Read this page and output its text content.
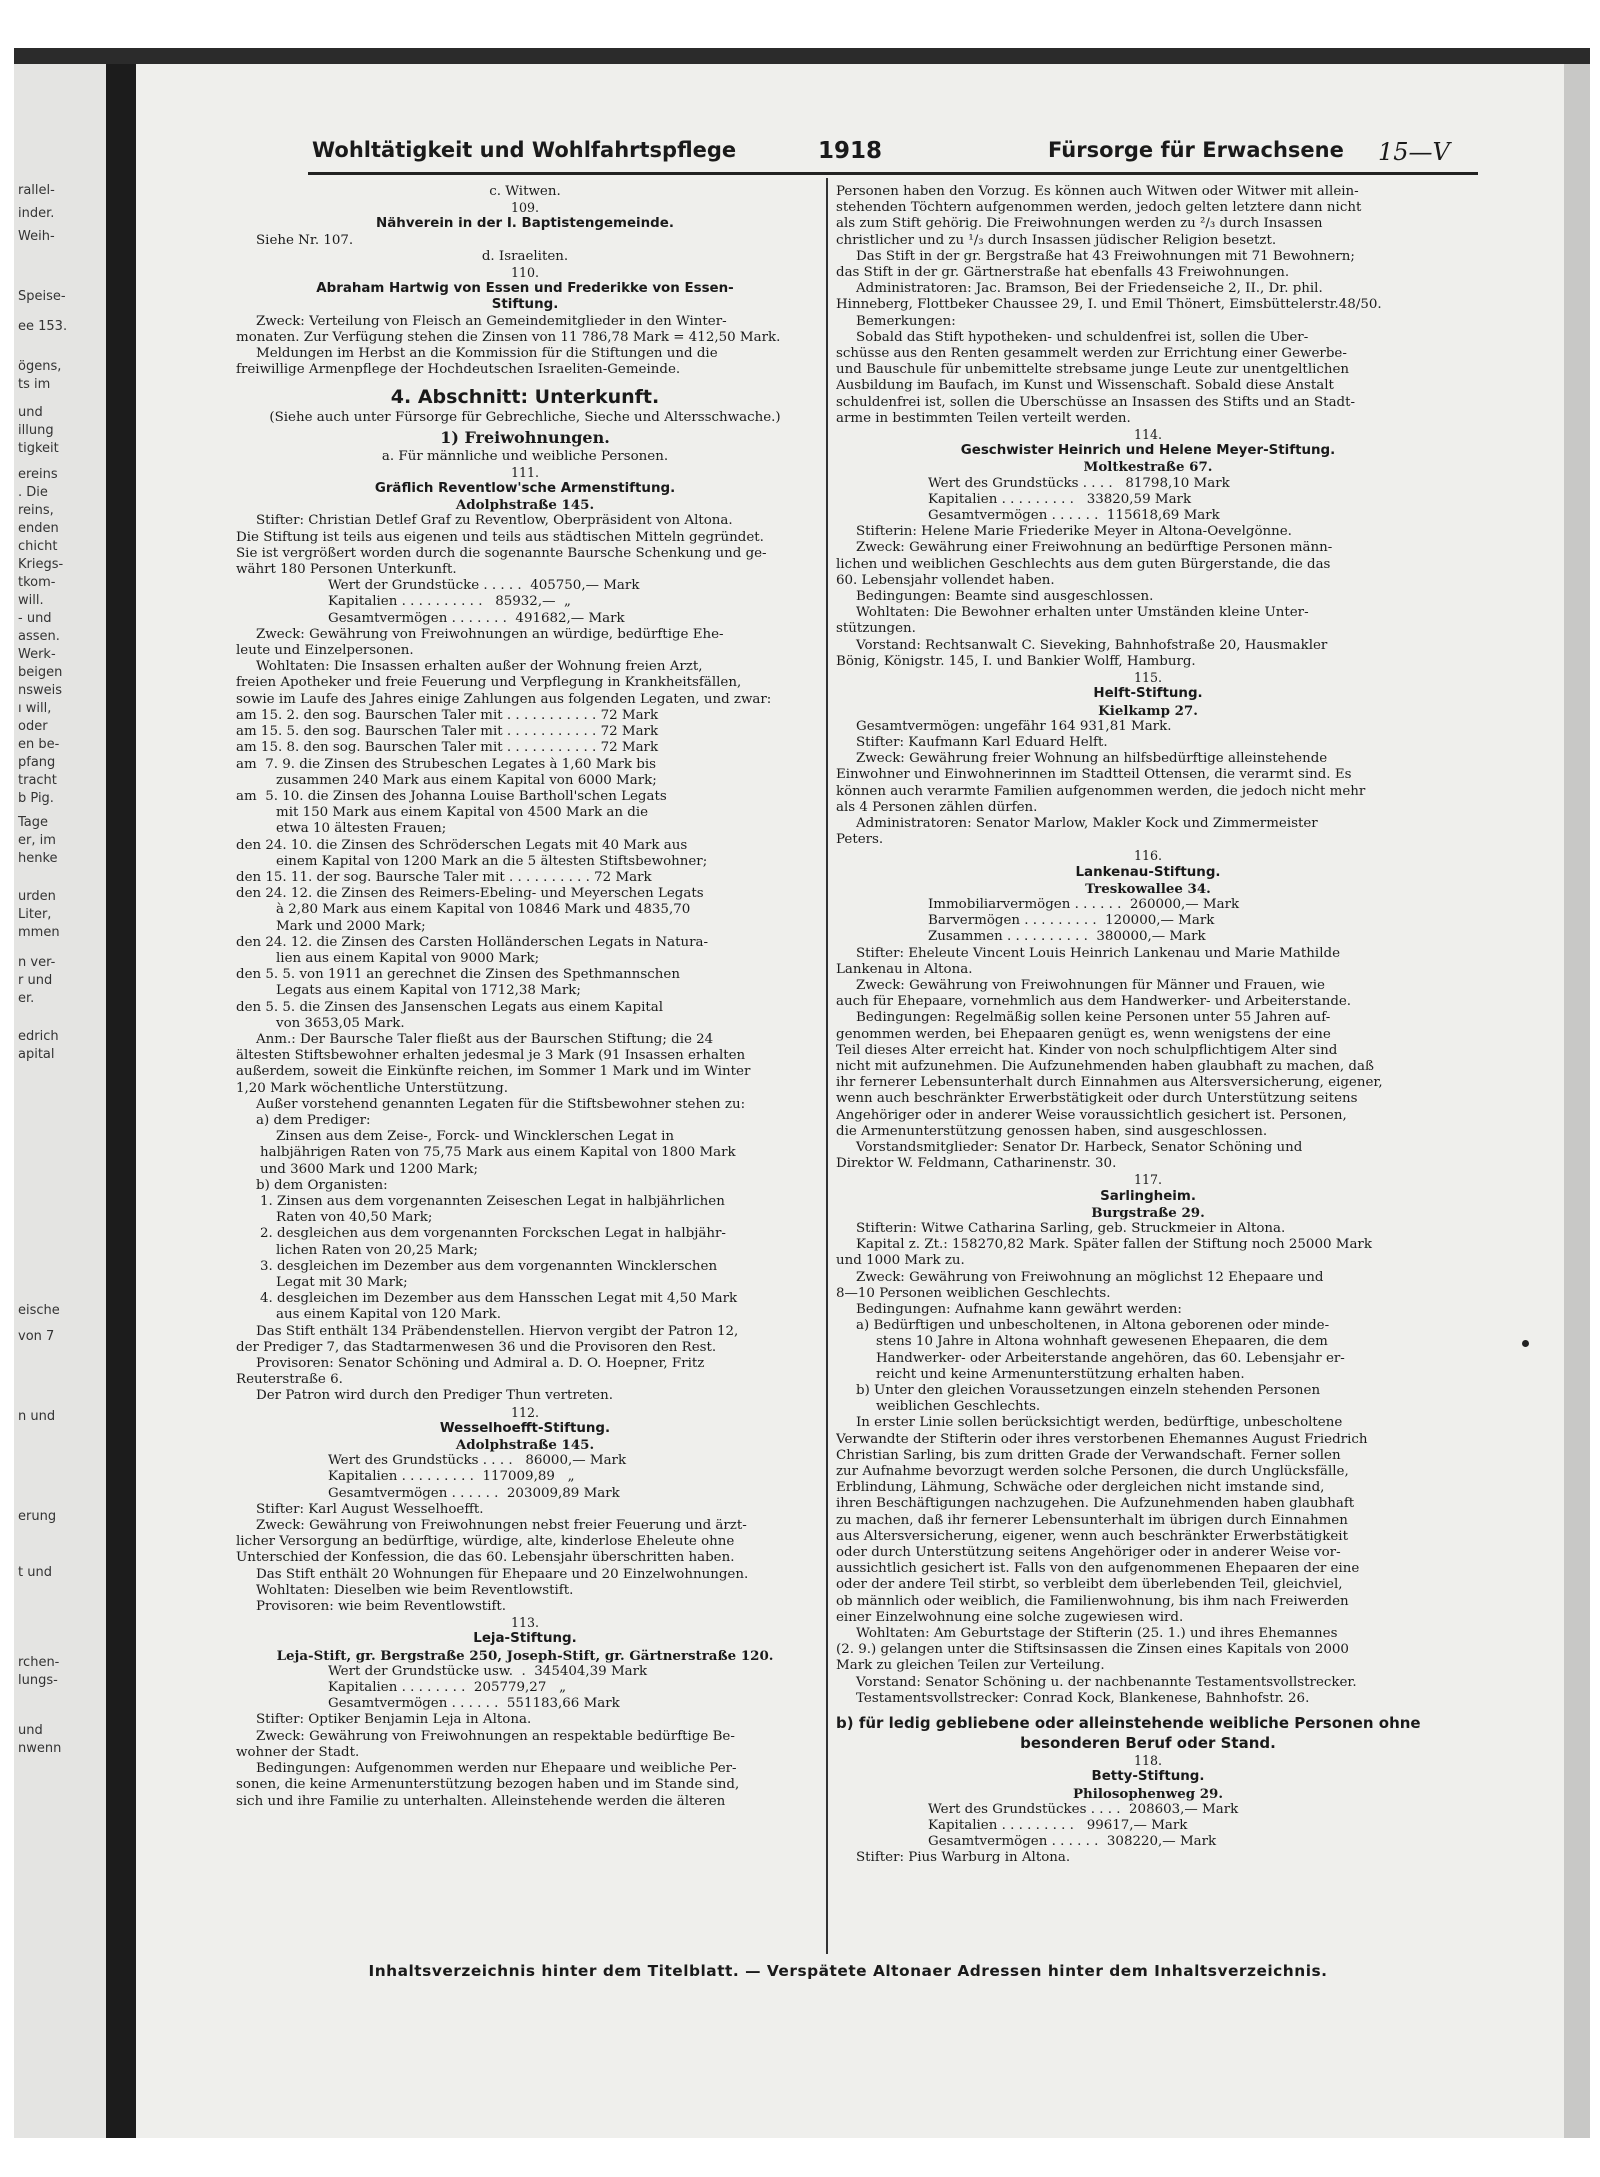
rallel-
inder.
Weih-
Speise-
ee 153.
ögens,
ts im
und
illung
tigkeit
ereins
. Die
reins,
enden
chicht
Kriegs-
tkom-
will.
- und
assen.
Werk-
beigen
nsweis
ı will,
oder
en be-
pfang
tracht
b Pig.
Tage
er, im
henke
urden
Liter,
mmen
n ver-
r und
er.
edrich
apital
eische
von 7
n und
erung
t und
rchen-
lungs-
und
nwenn
Wohltätigkeit und Wohlfahrtspflege	1918	Fürsorge für Erwachsene 15—V
c. Witwen.
109.
Nähverein in der I. Baptistengemeinde.
Siehe Nr. 107.
d. Israeliten.
110.
Abraham Hartwig von Essen und Frederikke von Essen-
Stiftung.
Zweck: Verteilung von Fleisch an Gemeindemitglieder in den Winter-
monaten. Zur Verfügung stehen die Zinsen von 11 786,78 Mark = 412,50 Mark.
Meldungen im Herbst an die Kommission für die Stiftungen und die
freiwillige Armenpflege der Hochdeutschen Israeliten-Gemeinde.
4. Abschnitt: Unterkunft.
(Siehe auch unter Fürsorge für Gebrechliche, Sieche und Altersschwache.)
1) Freiwohnungen.
a. Für männliche und weibliche Personen.
111.
Gräflich Reventlow'sche Armenstiftung.
Adolphstraße 145.
Stifter: Christian Detlef Graf zu Reventlow, Oberpräsident von Altona.
Die Stiftung ist teils aus eigenen und teils aus städtischen Mitteln gegründet.
Sie ist vergrößert worden durch die sogenannte Baursche Schenkung und ge-
währt 180 Personen Unterkunft.
Wert der Grundstücke . . . . .  405750,— Mark
Kapitalien . . . . . . . . . .   85932,—  „
Gesamtvermögen . . . . . . .  491682,— Mark
Zweck: Gewährung von Freiwohnungen an würdige, bedürftige Ehe-
leute und Einzelpersonen.
Wohltaten: Die Insassen erhalten außer der Wohnung freien Arzt,
freien Apotheker und freie Feuerung und Verpflegung in Krankheitsfällen,
sowie im Laufe des Jahres einige Zahlungen aus folgenden Legaten, und zwar:
am 15. 2. den sog. Baurschen Taler mit . . . . . . . . . . . 72 Mark
am 15. 5. den sog. Baurschen Taler mit . . . . . . . . . . . 72 Mark
am 15. 8. den sog. Baurschen Taler mit . . . . . . . . . . . 72 Mark
am  7. 9. die Zinsen des Strubeschen Legates à 1,60 Mark bis
zusammen 240 Mark aus einem Kapital von 6000 Mark;
am  5. 10. die Zinsen des Johanna Louise Bartholl'schen Legats
mit 150 Mark aus einem Kapital von 4500 Mark an die
etwa 10 ältesten Frauen;
den 24. 10. die Zinsen des Schröderschen Legats mit 40 Mark aus
einem Kapital von 1200 Mark an die 5 ältesten Stiftsbewohner;
den 15. 11. der sog. Baursche Taler mit . . . . . . . . . . 72 Mark
den 24. 12. die Zinsen des Reimers-Ebeling- und Meyerschen Legats
à 2,80 Mark aus einem Kapital von 10846 Mark und 4835,70
Mark und 2000 Mark;
den 24. 12. die Zinsen des Carsten Holländerschen Legats in Natura-
lien aus einem Kapital von 9000 Mark;
den 5. 5. von 1911 an gerechnet die Zinsen des Spethmannschen
Legats aus einem Kapital von 1712,38 Mark;
den 5. 5. die Zinsen des Jansenschen Legats aus einem Kapital
von 3653,05 Mark.
Anm.: Der Baursche Taler fließt aus der Baurschen Stiftung; die 24
ältesten Stiftsbewohner erhalten jedesmal je 3 Mark (91 Insassen erhalten
außerdem, soweit die Einkünfte reichen, im Sommer 1 Mark und im Winter
1,20 Mark wöchentliche Unterstützung.
Außer vorstehend genannten Legaten für die Stiftsbewohner stehen zu:
a) dem Prediger:
Zinsen aus dem Zeise-, Forck- und Wincklerschen Legat in
halbjährigen Raten von 75,75 Mark aus einem Kapital von 1800 Mark
und 3600 Mark und 1200 Mark;
b) dem Organisten:
1. Zinsen aus dem vorgenannten Zeiseschen Legat in halbjährlichen
Raten von 40,50 Mark;
2. desgleichen aus dem vorgenannten Forckschen Legat in halbjähr-
lichen Raten von 20,25 Mark;
3. desgleichen im Dezember aus dem vorgenannten Wincklerschen
Legat mit 30 Mark;
4. desgleichen im Dezember aus dem Hansschen Legat mit 4,50 Mark
aus einem Kapital von 120 Mark.
Das Stift enthält 134 Präbendenstellen. Hiervon vergibt der Patron 12,
der Prediger 7, das Stadtarmenwesen 36 und die Provisoren den Rest.
Provisoren: Senator Schöning und Admiral a. D. O. Hoepner, Fritz
Reuterstraße 6.
Der Patron wird durch den Prediger Thun vertreten.
112.
Wesselhoefft-Stiftung.
Adolphstraße 145.
Wert des Grundstücks . . . .   86000,— Mark
Kapitalien . . . . . . . . .  117009,89   „
Gesamtvermögen . . . . . .  203009,89 Mark
Stifter: Karl August Wesselhoefft.
Zweck: Gewährung von Freiwohnungen nebst freier Feuerung und ärzt-
licher Versorgung an bedürftige, würdige, alte, kinderlose Eheleute ohne
Unterschied der Konfession, die das 60. Lebensjahr überschritten haben.
Das Stift enthält 20 Wohnungen für Ehepaare und 20 Einzelwohnungen.
Wohltaten: Dieselben wie beim Reventlowstift.
Provisoren: wie beim Reventlowstift.
113.
Leja-Stiftung.
Leja-Stift, gr. Bergstraße 250, Joseph-Stift, gr. Gärtnerstraße 120.
Wert der Grundstücke usw.  .  345404,39 Mark
Kapitalien . . . . . . . .  205779,27   „
Gesamtvermögen . . . . . .  551183,66 Mark
Stifter: Optiker Benjamin Leja in Altona.
Zweck: Gewährung von Freiwohnungen an respektable bedürftige Be-
wohner der Stadt.
Bedingungen: Aufgenommen werden nur Ehepaare und weibliche Per-
sonen, die keine Armenunterstützung bezogen haben und im Stande sind,
sich und ihre Familie zu unterhalten. Alleinstehende werden die älteren
Personen haben den Vorzug. Es können auch Witwen oder Witwer mit allein-
stehenden Töchtern aufgenommen werden, jedoch gelten letztere dann nicht
als zum Stift gehörig. Die Freiwohnungen werden zu ²/₃ durch Insassen
christlicher und zu ¹/₃ durch Insassen jüdischer Religion besetzt.
Das Stift in der gr. Bergstraße hat 43 Freiwohnungen mit 71 Bewohnern;
das Stift in der gr. Gärtnerstraße hat ebenfalls 43 Freiwohnungen.
Administratoren: Jac. Bramson, Bei der Friedenseiche 2, II., Dr. phil.
Hinneberg, Flottbeker Chaussee 29, I. und Emil Thönert, Eimsbüttelerstr.48/50.
Bemerkungen:
Sobald das Stift hypotheken- und schuldenfrei ist, sollen die Über-
schüsse aus den Renten gesammelt werden zur Errichtung einer Gewerbe-
und Bauschule für unbemittelte strebsame junge Leute zur unentgeltlichen
Ausbildung im Baufach, im Kunst und Wissenschaft. Sobald diese Anstalt
schuldenfrei ist, sollen die Überschüsse an Insassen des Stifts und an Stadt-
arme in bestimmten Teilen verteilt werden.
114.
Geschwister Heinrich und Helene Meyer-Stiftung.
Moltkestraße 67.
Wert des Grundstücks . . . .   81798,10 Mark
Kapitalien . . . . . . . . .   33820,59 Mark
Gesamtvermögen . . . . . .  115618,69 Mark
Stifterin: Helene Marie Friederike Meyer in Altona-Oevelgönne.
Zweck: Gewährung einer Freiwohnung an bedürftige Personen männ-
lichen und weiblichen Geschlechts aus dem guten Bürgerstande, die das
60. Lebensjahr vollendet haben.
Bedingungen: Beamte sind ausgeschlossen.
Wohltaten: Die Bewohner erhalten unter Umständen kleine Unter-
stützungen.
Vorstand: Rechtsanwalt C. Sieveking, Bahnhofstraße 20, Hausmakler
Bönig, Königstr. 145, I. und Bankier Wolff, Hamburg.
115.
Helft-Stiftung.
Kielkamp 27.
Gesamtvermögen: ungefähr 164 931,81 Mark.
Stifter: Kaufmann Karl Eduard Helft.
Zweck: Gewährung freier Wohnung an hilfsbedürftige alleinstehende
Einwohner und Einwohnerinnen im Stadtteil Ottensen, die verarmt sind. Es
können auch verarmte Familien aufgenommen werden, die jedoch nicht mehr
als 4 Personen zählen dürfen.
Administratoren: Senator Marlow, Makler Kock und Zimmermeister
Peters.
116.
Lankenau-Stiftung.
Treskowallee 34.
Immobiliarvermögen . . . . . .  260000,— Mark
Barvermögen . . . . . . . . .  120000,— Mark
Zusammen . . . . . . . . . .  380000,— Mark
Stifter: Eheleute Vincent Louis Heinrich Lankenau und Marie Mathilde
Lankenau in Altona.
Zweck: Gewährung von Freiwohnungen für Männer und Frauen, wie
auch für Ehepaare, vornehmlich aus dem Handwerker- und Arbeiterstande.
Bedingungen: Regelmäßig sollen keine Personen unter 55 Jahren auf-
genommen werden, bei Ehepaaren genügt es, wenn wenigstens der eine
Teil dieses Alter erreicht hat. Kinder von noch schulpflichtigem Alter sind
nicht mit aufzunehmen. Die Aufzunehmenden haben glaubhaft zu machen, daß
ihr fernerer Lebensunterhalt durch Einnahmen aus Altersversicherung, eigener,
wenn auch beschränkter Erwerbstätigkeit oder durch Unterstützung seitens
Angehöriger oder in anderer Weise voraussichtlich gesichert ist. Personen,
die Armenunterstützung genossen haben, sind ausgeschlossen.
Vorstandsmitglieder: Senator Dr. Harbeck, Senator Schöning und
Direktor W. Feldmann, Catharinenstr. 30.
117.
Sarlingheim.
Burgstraße 29.
Stifterin: Witwe Catharina Sarling, geb. Struckmeier in Altona.
Kapital z. Zt.: 158270,82 Mark. Später fallen der Stiftung noch 25000 Mark
und 1000 Mark zu.
Zweck: Gewährung von Freiwohnung an möglichst 12 Ehepaare und
8—10 Personen weiblichen Geschlechts.
Bedingungen: Aufnahme kann gewährt werden:
a) Bedürftigen und unbescholtenen, in Altona geborenen oder minde-
stens 10 Jahre in Altona wohnhaft gewesenen Ehepaaren, die dem
Handwerker- oder Arbeiterstande angehören, das 60. Lebensjahr er-
reicht und keine Armenunterstützung erhalten haben.
b) Unter den gleichen Voraussetzungen einzeln stehenden Personen
weiblichen Geschlechts.
In erster Linie sollen berücksichtigt werden, bedürftige, unbescholtene
Verwandte der Stifterin oder ihres verstorbenen Ehemannes August Friedrich
Christian Sarling, bis zum dritten Grade der Verwandschaft. Ferner sollen
zur Aufnahme bevorzugt werden solche Personen, die durch Unglücksfälle,
Erblindung, Lähmung, Schwäche oder dergleichen nicht imstande sind,
ihren Beschäftigungen nachzugehen. Die Aufzunehmenden haben glaubhaft
zu machen, daß ihr fernerer Lebensunterhalt im übrigen durch Einnahmen
aus Altersversicherung, eigener, wenn auch beschränkter Erwerbstätigkeit
oder durch Unterstützung seitens Angehöriger oder in anderer Weise vor-
aussichtlich gesichert ist. Falls von den aufgenommenen Ehepaaren der eine
oder der andere Teil stirbt, so verbleibt dem überlebenden Teil, gleichviel,
ob männlich oder weiblich, die Familienwohnung, bis ihm nach Freiwerden
einer Einzelwohnung eine solche zugewiesen wird.
Wohltaten: Am Geburtstage der Stifterin (25. 1.) und ihres Ehemannes
(2. 9.) gelangen unter die Stiftsinsassen die Zinsen eines Kapitals von 2000
Mark zu gleichen Teilen zur Verteilung.
Vorstand: Senator Schöning u. der nachbenannte Testamentsvollstrecker.
Testamentsvollstrecker: Conrad Kock, Blankenese, Bahnhofstr. 26.
b) für ledig gebliebene oder alleinstehende weibliche Personen ohne
besonderen Beruf oder Stand.
118.
Betty-Stiftung.
Philosophenweg 29.
Wert des Grundstückes . . . .  208603,— Mark
Kapitalien . . . . . . . . .   99617,— Mark
Gesamtvermögen . . . . . .  308220,— Mark
Stifter: Pius Warburg in Altona.
Inhaltsverzeichnis hinter dem Titelblatt. — Verspätete Altonaer Adressen hinter dem Inhaltsverzeichnis.
